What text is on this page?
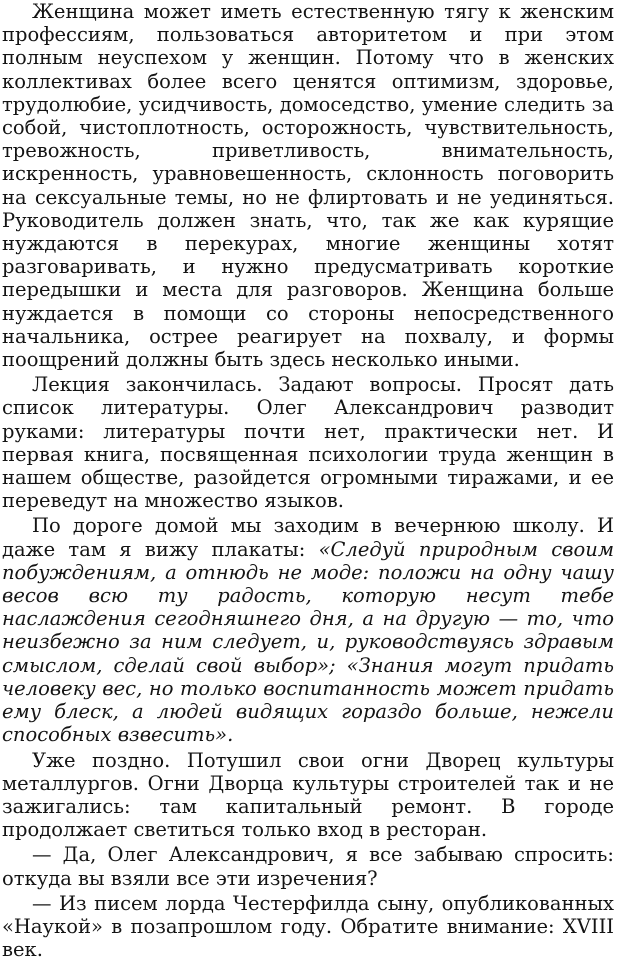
Женщина может иметь естественную тягу к женским профессиям, пользоваться авторитетом и при этом полным неуспехом у женщин. Потому что в женских коллективах более всего ценятся оптимизм, здоровье, трудолюбие, усидчивость, домоседство, умение следить за собой, чистоплотность, осторожность, чувствительность, тревожность, приветливость, внимательность, искренность, уравновешенность, склонность поговорить на сексуальные темы, но не флиртовать и не уединяться. Руководитель должен знать, что, так же как курящие нуждаются в перекурах, многие женщины хотят разговаривать, и нужно предусматривать короткие передышки и места для разговоров. Женщина больше нуждается в помощи со стороны непосредственного начальника, острее реагирует на похвалу, и формы поощрений должны быть здесь несколько иными.

Лекция закончилась. Задают вопросы. Просят дать список литературы. Олег Александрович разводит руками: литературы почти нет, практически нет. И первая книга, посвященная психологии труда женщин в нашем обществе, разойдется огромными тиражами, и ее переведут на множество языков.

По дороге домой мы заходим в вечернюю школу. И даже там я вижу плакаты: «Следуй природным своим побуждениям, а отнюдь не моде: положи на одну чашу весов всю ту радость, которую несут тебе наслаждения сегодняшнего дня, а на другую — то, что неизбежно за ним следует, и, руководствуясь здравым смыслом, сделай свой выбор»; «Знания могут придать человеку вес, но только воспитанность может придать ему блеск, а людей видящих гораздо больше, нежели способных взвесить».

Уже поздно. Потушил свои огни Дворец культуры металлургов. Огни Дворца культуры строителей так и не зажигались: там капитальный ремонт. В городе продолжает светиться только вход в ресторан.

— Да, Олег Александрович, я все забываю спросить: откуда вы взяли все эти изречения?

— Из писем лорда Честерфилда сыну, опубликованных «Наукой» в позапрошлом году. Обратите внимание: XVIII век.
